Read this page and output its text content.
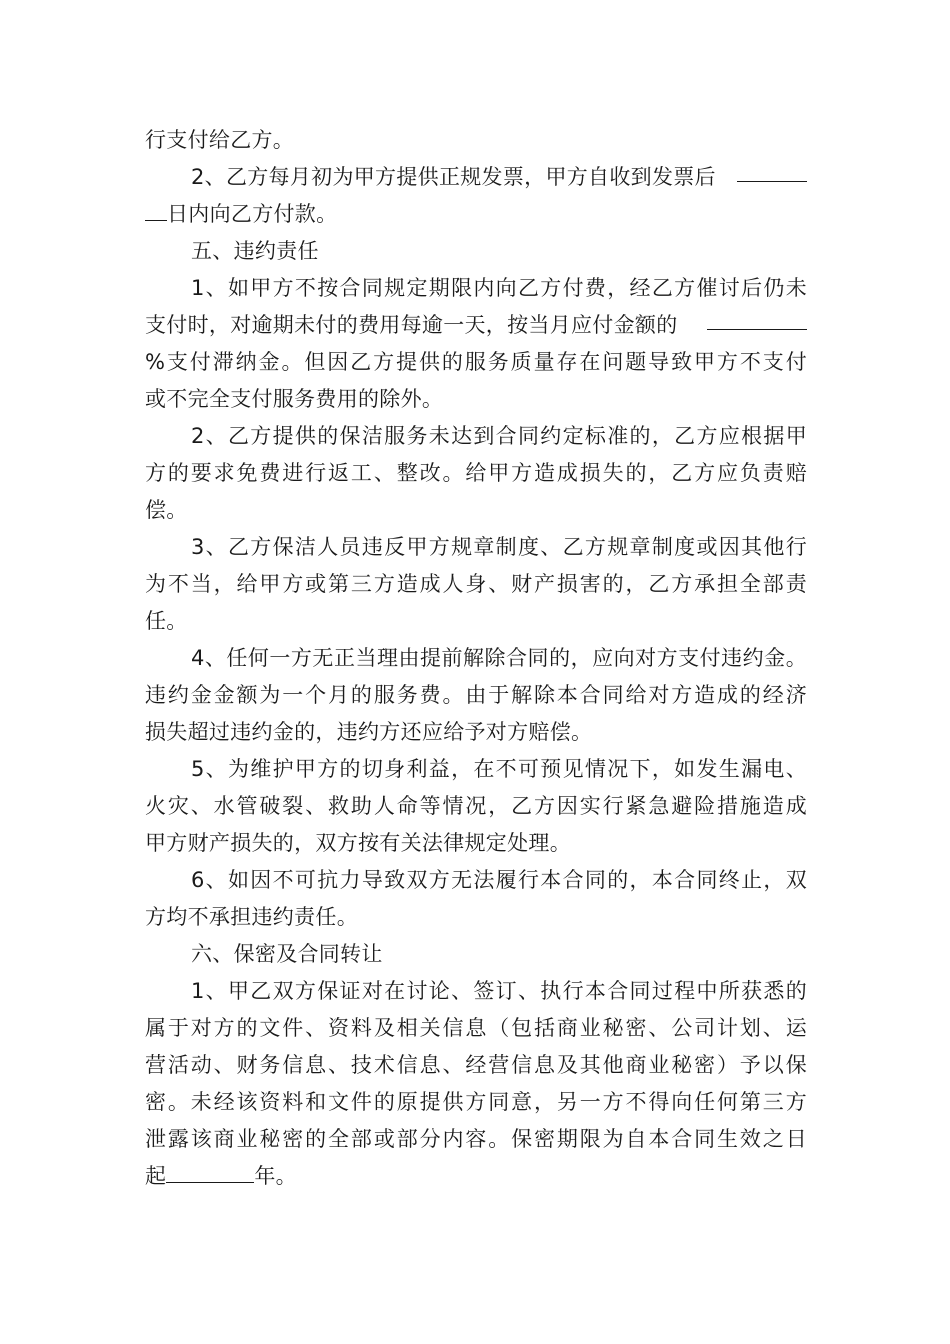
行支付给乙方。
2、乙方每月初为甲方提供正规发票，甲方自收到发票后
日内向乙方付款。
五、违约责任
1、如甲方不按合同规定期限内向乙方付费，经乙方催讨后仍未
支付时，对逾期未付的费用每逾一天，按当月应付金额的
%支付滞纳金。但因乙方提供的服务质量存在问题导致甲方不支付
或不完全支付服务费用的除外。
2、乙方提供的保洁服务未达到合同约定标准的，乙方应根据甲
方的要求免费进行返工、整改。给甲方造成损失的，乙方应负责赔
偿。
3、乙方保洁人员违反甲方规章制度、乙方规章制度或因其他行
为不当，给甲方或第三方造成人身、财产损害的，乙方承担全部责
任。
4、任何一方无正当理由提前解除合同的，应向对方支付违约金。
违约金金额为一个月的服务费。由于解除本合同给对方造成的经济
损失超过违约金的，违约方还应给予对方赔偿。
5、为维护甲方的切身利益，在不可预见情况下，如发生漏电、
火灾、水管破裂、救助人命等情况，乙方因实行紧急避险措施造成
甲方财产损失的，双方按有关法律规定处理。
6、如因不可抗力导致双方无法履行本合同的，本合同终止，双
方均不承担违约责任。
六、保密及合同转让
1、甲乙双方保证对在讨论、签订、执行本合同过程中所获悉的
属于对方的文件、资料及相关信息（包括商业秘密、公司计划、运
营活动、财务信息、技术信息、经营信息及其他商业秘密）予以保
密。未经该资料和文件的原提供方同意，另一方不得向任何第三方
泄露该商业秘密的全部或部分内容。保密期限为自本合同生效之日
起	年。
